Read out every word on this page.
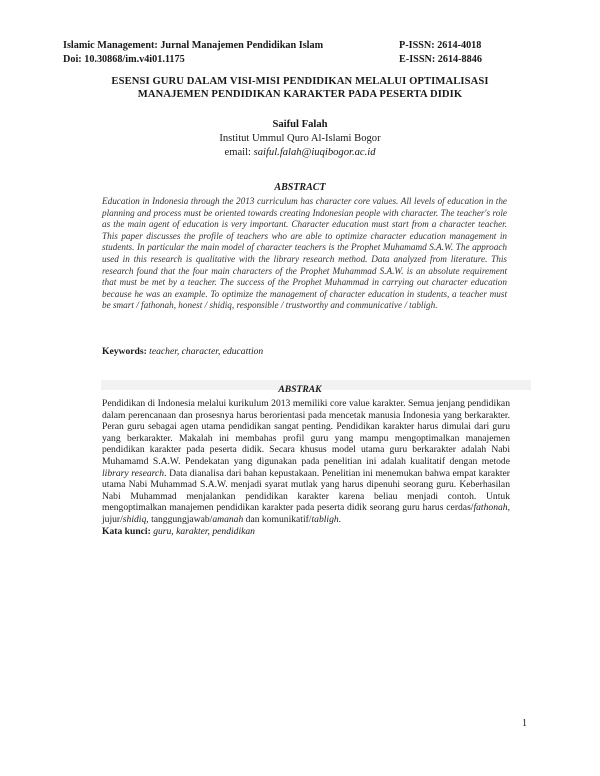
Islamic Management: Jurnal Manajemen Pendidikan Islam
Doi: 10.30868/im.v4i01.1175
P-ISSN: 2614-4018
E-ISSN: 2614-8846
ESENSI GURU DALAM VISI-MISI PENDIDIKAN MELALUI OPTIMALISASI
MANAJEMEN PENDIDIKAN KARAKTER PADA PESERTA DIDIK
Saiful Falah
Institut Ummul Quro Al-Islami Bogor
email: saiful.falah@iuqibogor.ac.id
ABSTRACT
Education in Indonesia through the 2013 curriculum has character core values. All levels of education in the planning and process must be oriented towards creating Indonesian people with character. The teacher's role as the main agent of education is very important. Character education must start from a character teacher. This paper discusses the profile of teachers who are able to optimize character education management in students. In particular the main model of character teachers is the Prophet Muhamamd S.A.W. The approach used in this research is qualitative with the library research method. Data analyzed from literature. This research found that the four main characters of the Prophet Muhammad S.A.W. is an absolute requirement that must be met by a teacher. The success of the Prophet Muhammad in carrying out character education because he was an example. To optimize the management of character education in students, a teacher must be smart / fathonah, honest / shidiq, responsible / trustworthy and communicative / tabligh.
Keywords: teacher, character, educattion
ABSTRAK
Pendidikan di Indonesia melalui kurikulum 2013 memiliki core value karakter. Semua jenjang pendidikan dalam perencanaan dan prosesnya harus berorientasi pada mencetak manusia Indonesia yang berkarakter. Peran guru sebagai agen utama pendidikan sangat penting. Pendidikan karakter harus dimulai dari guru yang berkarakter. Makalah ini membahas profil guru yang mampu mengoptimalkan manajemen pendidikan karakter pada peserta didik. Secara khusus model utama guru berkarakter adalah Nabi Muhamamd S.A.W. Pendekatan yang digunakan pada penelitian ini adalah kualitatif dengan metode library research. Data dianalisa dari bahan kepustakaan. Penelitian ini menemukan bahwa empat karakter utama Nabi Muhammad S.A.W. menjadi syarat mutlak yang harus dipenuhi seorang guru. Keberhasilan Nabi Muhammad menjalankan pendidikan karakter karena beliau menjadi contoh. Untuk mengoptimalkan manajemen pendidikan karakter pada peserta didik seorang guru harus cerdas/fathonah, jujur/shidiq, tanggungjawab/amanah dan komunikatif/tabligh.
Kata kunci: guru, karakter, pendidikan
1
